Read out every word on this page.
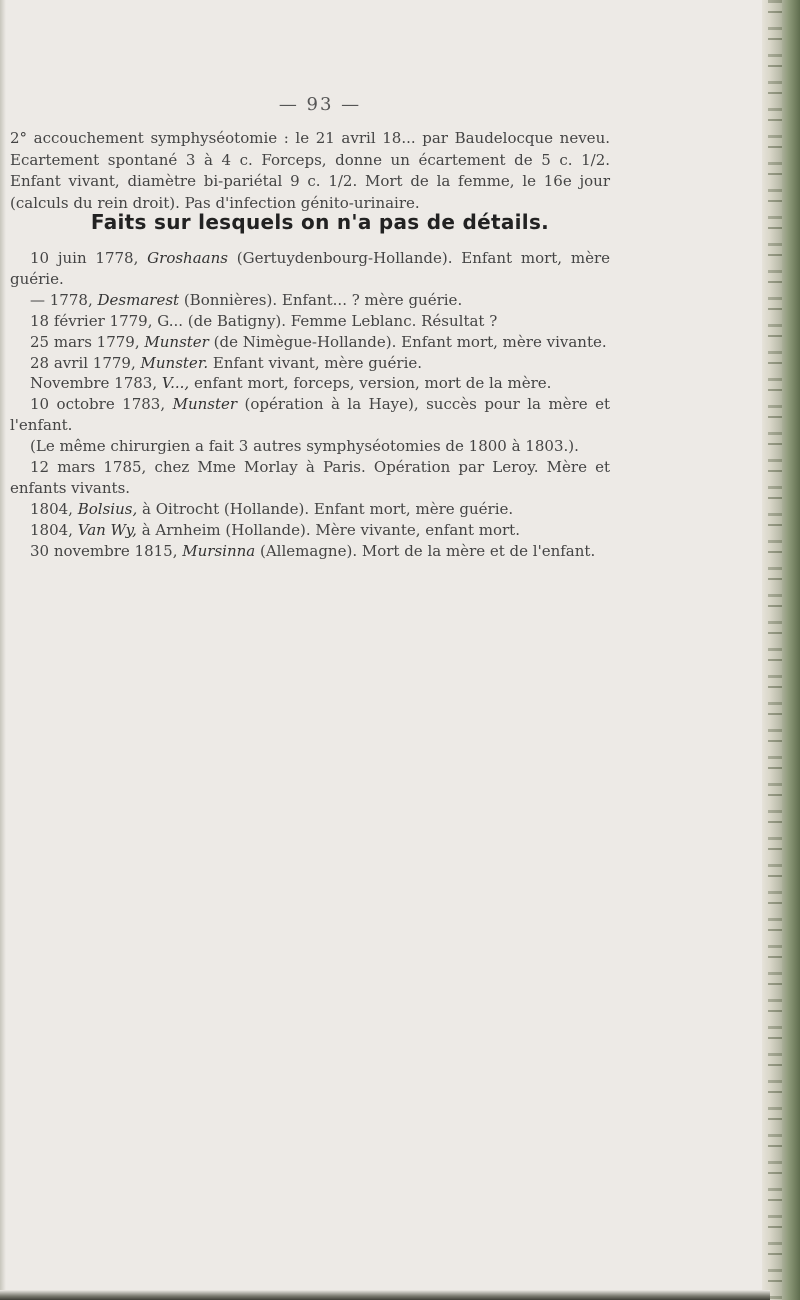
— 93 —

2° accouchement symphyséotomie : le 21 avril 18... par Baudelocque neveu. Ecartement spontané 3 à 4 c. Forceps, donne un écartement de 5 c. 1/2. Enfant vivant, diamètre bi-pariétal 9 c. 1/2. Mort de la femme, le 16e jour (calculs du rein droit). Pas d'infection génito-urinaire.

Faits sur lesquels on n'a pas de détails.

10 juin 1778, Groshaans (Gertuydenbourg-Hollande). Enfant mort, mère guérie.

— 1778, Desmarest (Bonnières). Enfant... ? mère guérie.

18 février 1779, G... (de Batigny). Femme Leblanc. Résultat ?

25 mars 1779, Munster (de Nimègue-Hollande). Enfant mort, mère vivante.

28 avril 1779, Munster. Enfant vivant, mère guérie.

Novembre 1783, V..., enfant mort, forceps, version, mort de la mère.

10 octobre 1783, Munster (opération à la Haye), succès pour la mère et l'enfant.

(Le même chirurgien a fait 3 autres symphyséotomies de 1800 à 1803.).

12 mars 1785, chez Mme Morlay à Paris. Opération par Leroy. Mère et enfants vivants.

1804, Bolsius, à Oitrocht (Hollande). Enfant mort, mère guérie.

1804, Van Wy, à Arnheim (Hollande). Mère vivante, enfant mort.

30 novembre 1815, Mursinna (Allemagne). Mort de la mère et de l'enfant.
